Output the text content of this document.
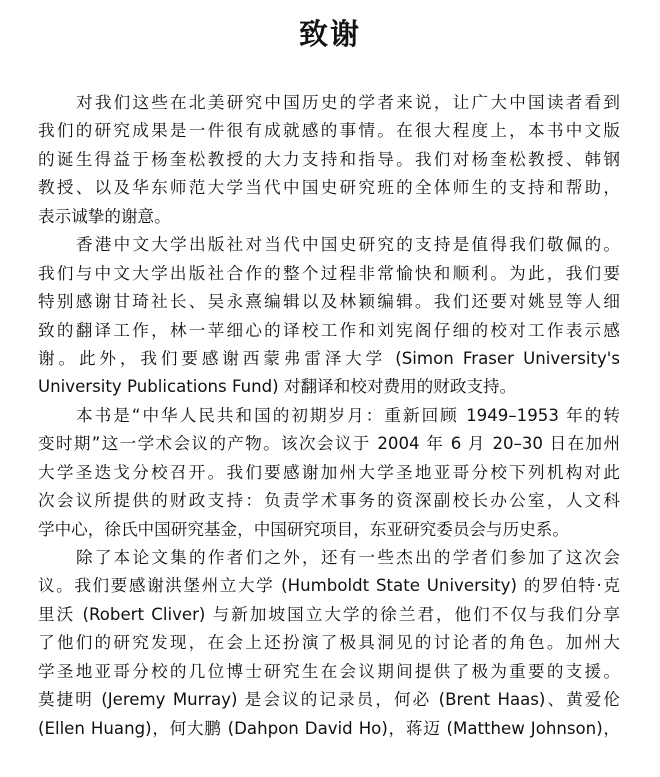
致谢
对我们这些在北美研究中国历史的学者来说，让广大中国读者看到
我们的研究成果是一件很有成就感的事情。在很大程度上，本书中文版
的诞生得益于杨奎松教授的大力支持和指导。我们对杨奎松教授、韩钢
教授、以及华东师范大学当代中国史研究班的全体师生的支持和帮助，
表示诚挚的谢意。
香港中文大学出版社对当代中国史研究的支持是值得我们敬佩的。
我们与中文大学出版社合作的整个过程非常愉快和顺利。为此，我们要
特别感谢甘琦社长、吴永熹编辑以及林颖编辑。我们还要对姚昱等人细
致的翻译工作，林一苹细心的译校工作和刘宪阁仔细的校对工作表示感
谢。此外，我们要感谢西蒙弗雷泽大学 (Simon Fraser University's
University Publications Fund) 对翻译和校对费用的财政支持。
本书是“中华人民共和国的初期岁月：重新回顾 1949–1953 年的转
变时期”这一学术会议的产物。该次会议于 2004 年 6 月 20–30 日在加州
大学圣迭戈分校召开。我们要感谢加州大学圣地亚哥分校下列机构对此
次会议所提供的财政支持：负责学术事务的资深副校长办公室，人文科
学中心，徐氏中国研究基金，中国研究项目，东亚研究委员会与历史系。
除了本论文集的作者们之外，还有一些杰出的学者们参加了这次会
议。我们要感谢洪堡州立大学 (Humboldt State University) 的罗伯特·克
里沃 (Robert Cliver) 与新加坡国立大学的徐兰君，他们不仅与我们分享
了他们的研究发现，在会上还扮演了极具洞见的讨论者的角色。加州大
学圣地亚哥分校的几位博士研究生在会议期间提供了极为重要的支援。
莫捷明 (Jeremy Murray) 是会议的记录员，何必 (Brent Haas)、黄爱伦
(Ellen Huang)，何大鹏 (Dahpon David Ho)，蒋迈 (Matthew Johnson)，
